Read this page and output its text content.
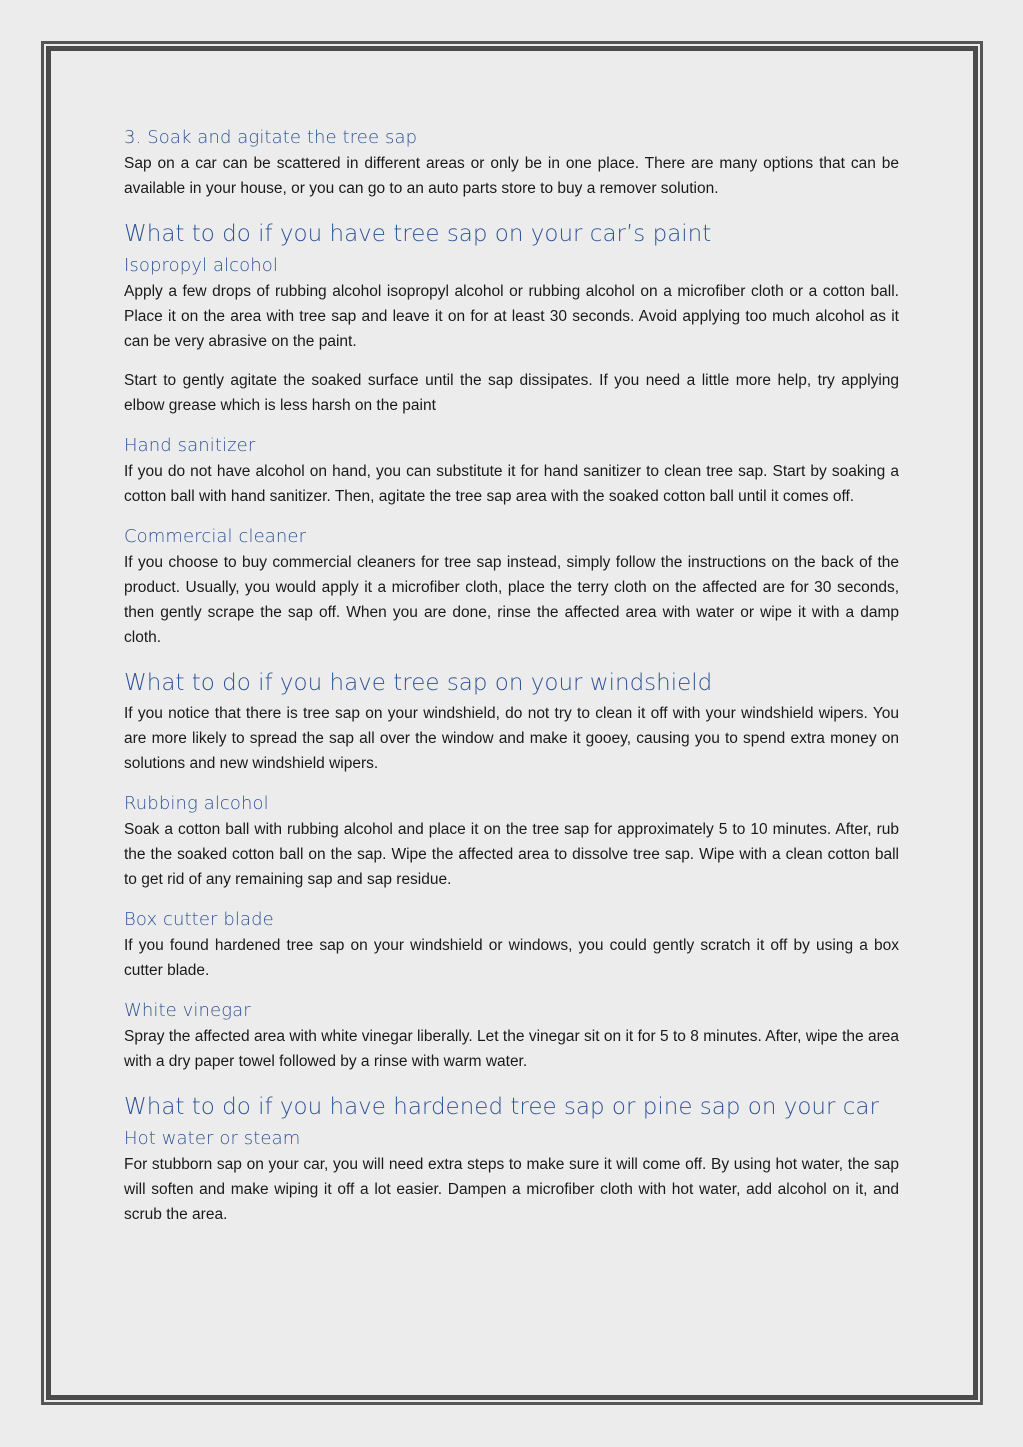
3. Soak and agitate the tree sap

Sap on a car can be scattered in different areas or only be in one place. There are many options that can be available in your house, or you can go to an auto parts store to buy a remover solution.

What to do if you have tree sap on your car’s paint
Isopropyl alcohol

Apply a few drops of rubbing alcohol isopropyl alcohol or rubbing alcohol on a microfiber cloth or a cotton ball. Place it on the area with tree sap and leave it on for at least 30 seconds. Avoid applying too much alcohol as it can be very abrasive on the paint.

Start to gently agitate the soaked surface until the sap dissipates. If you need a little more help, try applying elbow grease which is less harsh on the paint

Hand sanitizer

If you do not have alcohol on hand, you can substitute it for hand sanitizer to clean tree sap. Start by soaking a cotton ball with hand sanitizer. Then, agitate the tree sap area with the soaked cotton ball until it comes off.

Commercial cleaner

If you choose to buy commercial cleaners for tree sap instead, simply follow the instructions on the back of the product. Usually, you would apply it a microfiber cloth, place the terry cloth on the affected are for 30 seconds, then gently scrape the sap off. When you are done, rinse the affected area with water or wipe it with a damp cloth.

What to do if you have tree sap on your windshield

If you notice that there is tree sap on your windshield, do not try to clean it off with your windshield wipers. You are more likely to spread the sap all over the window and make it gooey, causing you to spend extra money on solutions and new windshield wipers.

Rubbing alcohol

Soak a cotton ball with rubbing alcohol and place it on the tree sap for approximately 5 to 10 minutes. After, rub the the soaked cotton ball on the sap. Wipe the affected area to dissolve tree sap. Wipe with a clean cotton ball to get rid of any remaining sap and sap residue.

Box cutter blade

If you found hardened tree sap on your windshield or windows, you could gently scratch it off by using a box cutter blade.

White vinegar

Spray the affected area with white vinegar liberally. Let the vinegar sit on it for 5 to 8 minutes. After, wipe the area with a dry paper towel followed by a rinse with warm water.

What to do if you have hardened tree sap or pine sap on your car
Hot water or steam

For stubborn sap on your car, you will need extra steps to make sure it will come off. By using hot water, the sap will soften and make wiping it off a lot easier. Dampen a microfiber cloth with hot water, add alcohol on it, and scrub the area.
